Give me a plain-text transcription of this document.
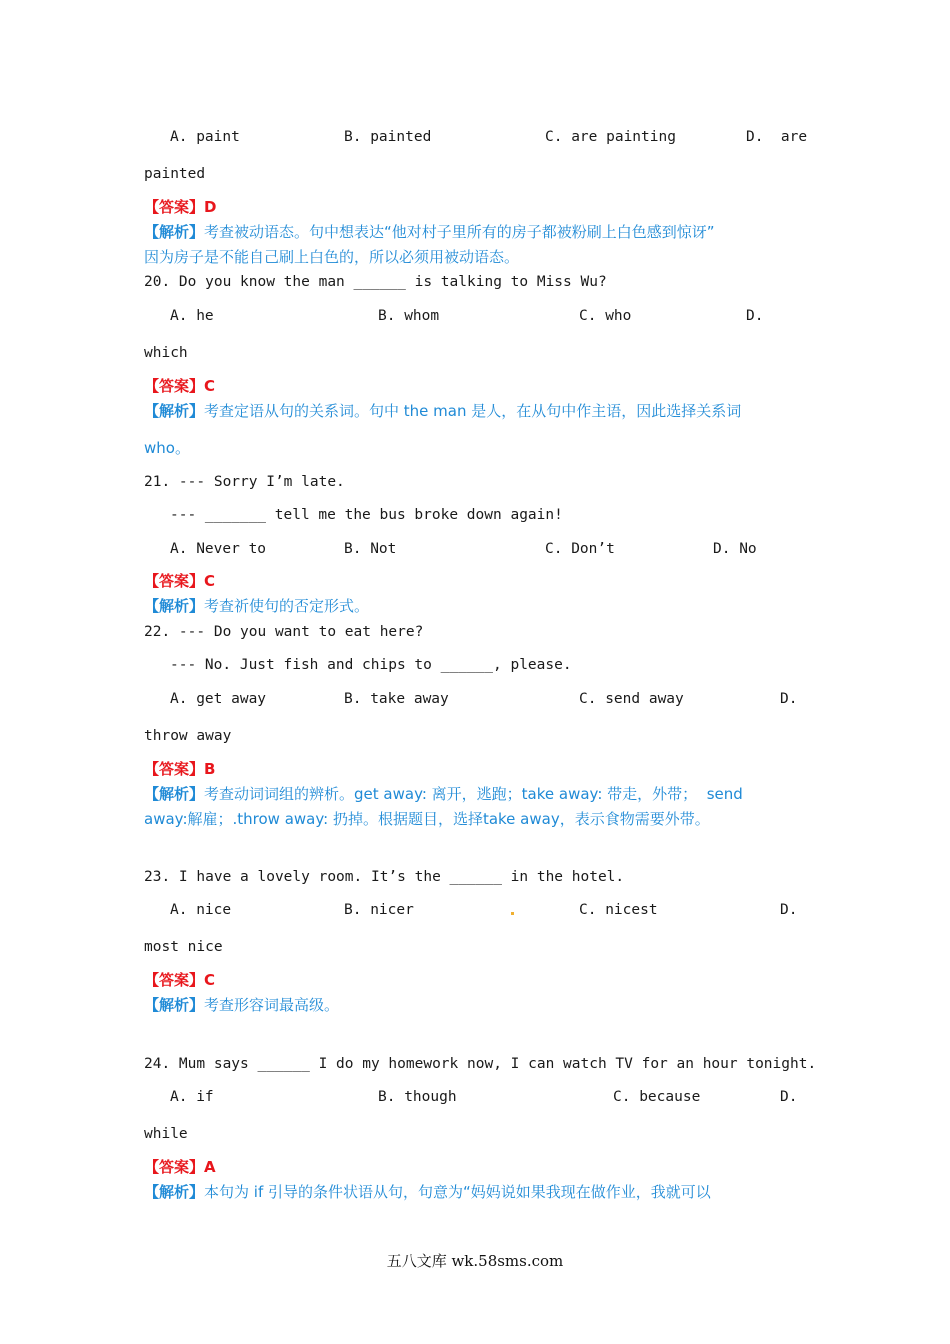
A. paint	B. painted	C. are painting	D.  are
painted
【答案】D
【解析】考查被动语态。句中想表达“他对村子里所有的房子都被粉刷上白色感到惊讶”
因为房子是不能自己刷上白色的，所以必须用被动语态。
20. Do you know the man ______ is talking to Miss Wu?
A. he	B. whom	C. who	D.
which
【答案】C
【解析】考查定语从句的关系词。句中 the man 是人，在从句中作主语，因此选择关系词
who。
21. --- Sorry I’m late.
--- _______ tell me the bus broke down again!
A. Never to	B. Not	C. Don’t	D. No
【答案】C
【解析】考查祈使句的否定形式。
22. --- Do you want to eat here?
--- No. Just fish and chips to ______, please.
A. get away	B. take away	C. send away	D.
throw away
【答案】B
【解析】考查动词词组的辨析。get away: 离开，逃跑；take away: 带走，外带；  send
away:解雇；.throw away: 扔掉。根据题目，选择take away，表示食物需要外带。
23. I have a lovely room. It’s the ______ in the hotel.
A. nice	B. nicer	C. nicest	D.
most nice
【答案】C
【解析】考查形容词最高级。
24. Mum says ______ I do my homework now, I can watch TV for an hour tonight.
A. if	B. though	C. because	D.
while
【答案】A
【解析】本句为 if 引导的条件状语从句，句意为“妈妈说如果我现在做作业，我就可以
五八文库 wk.58sms.com
